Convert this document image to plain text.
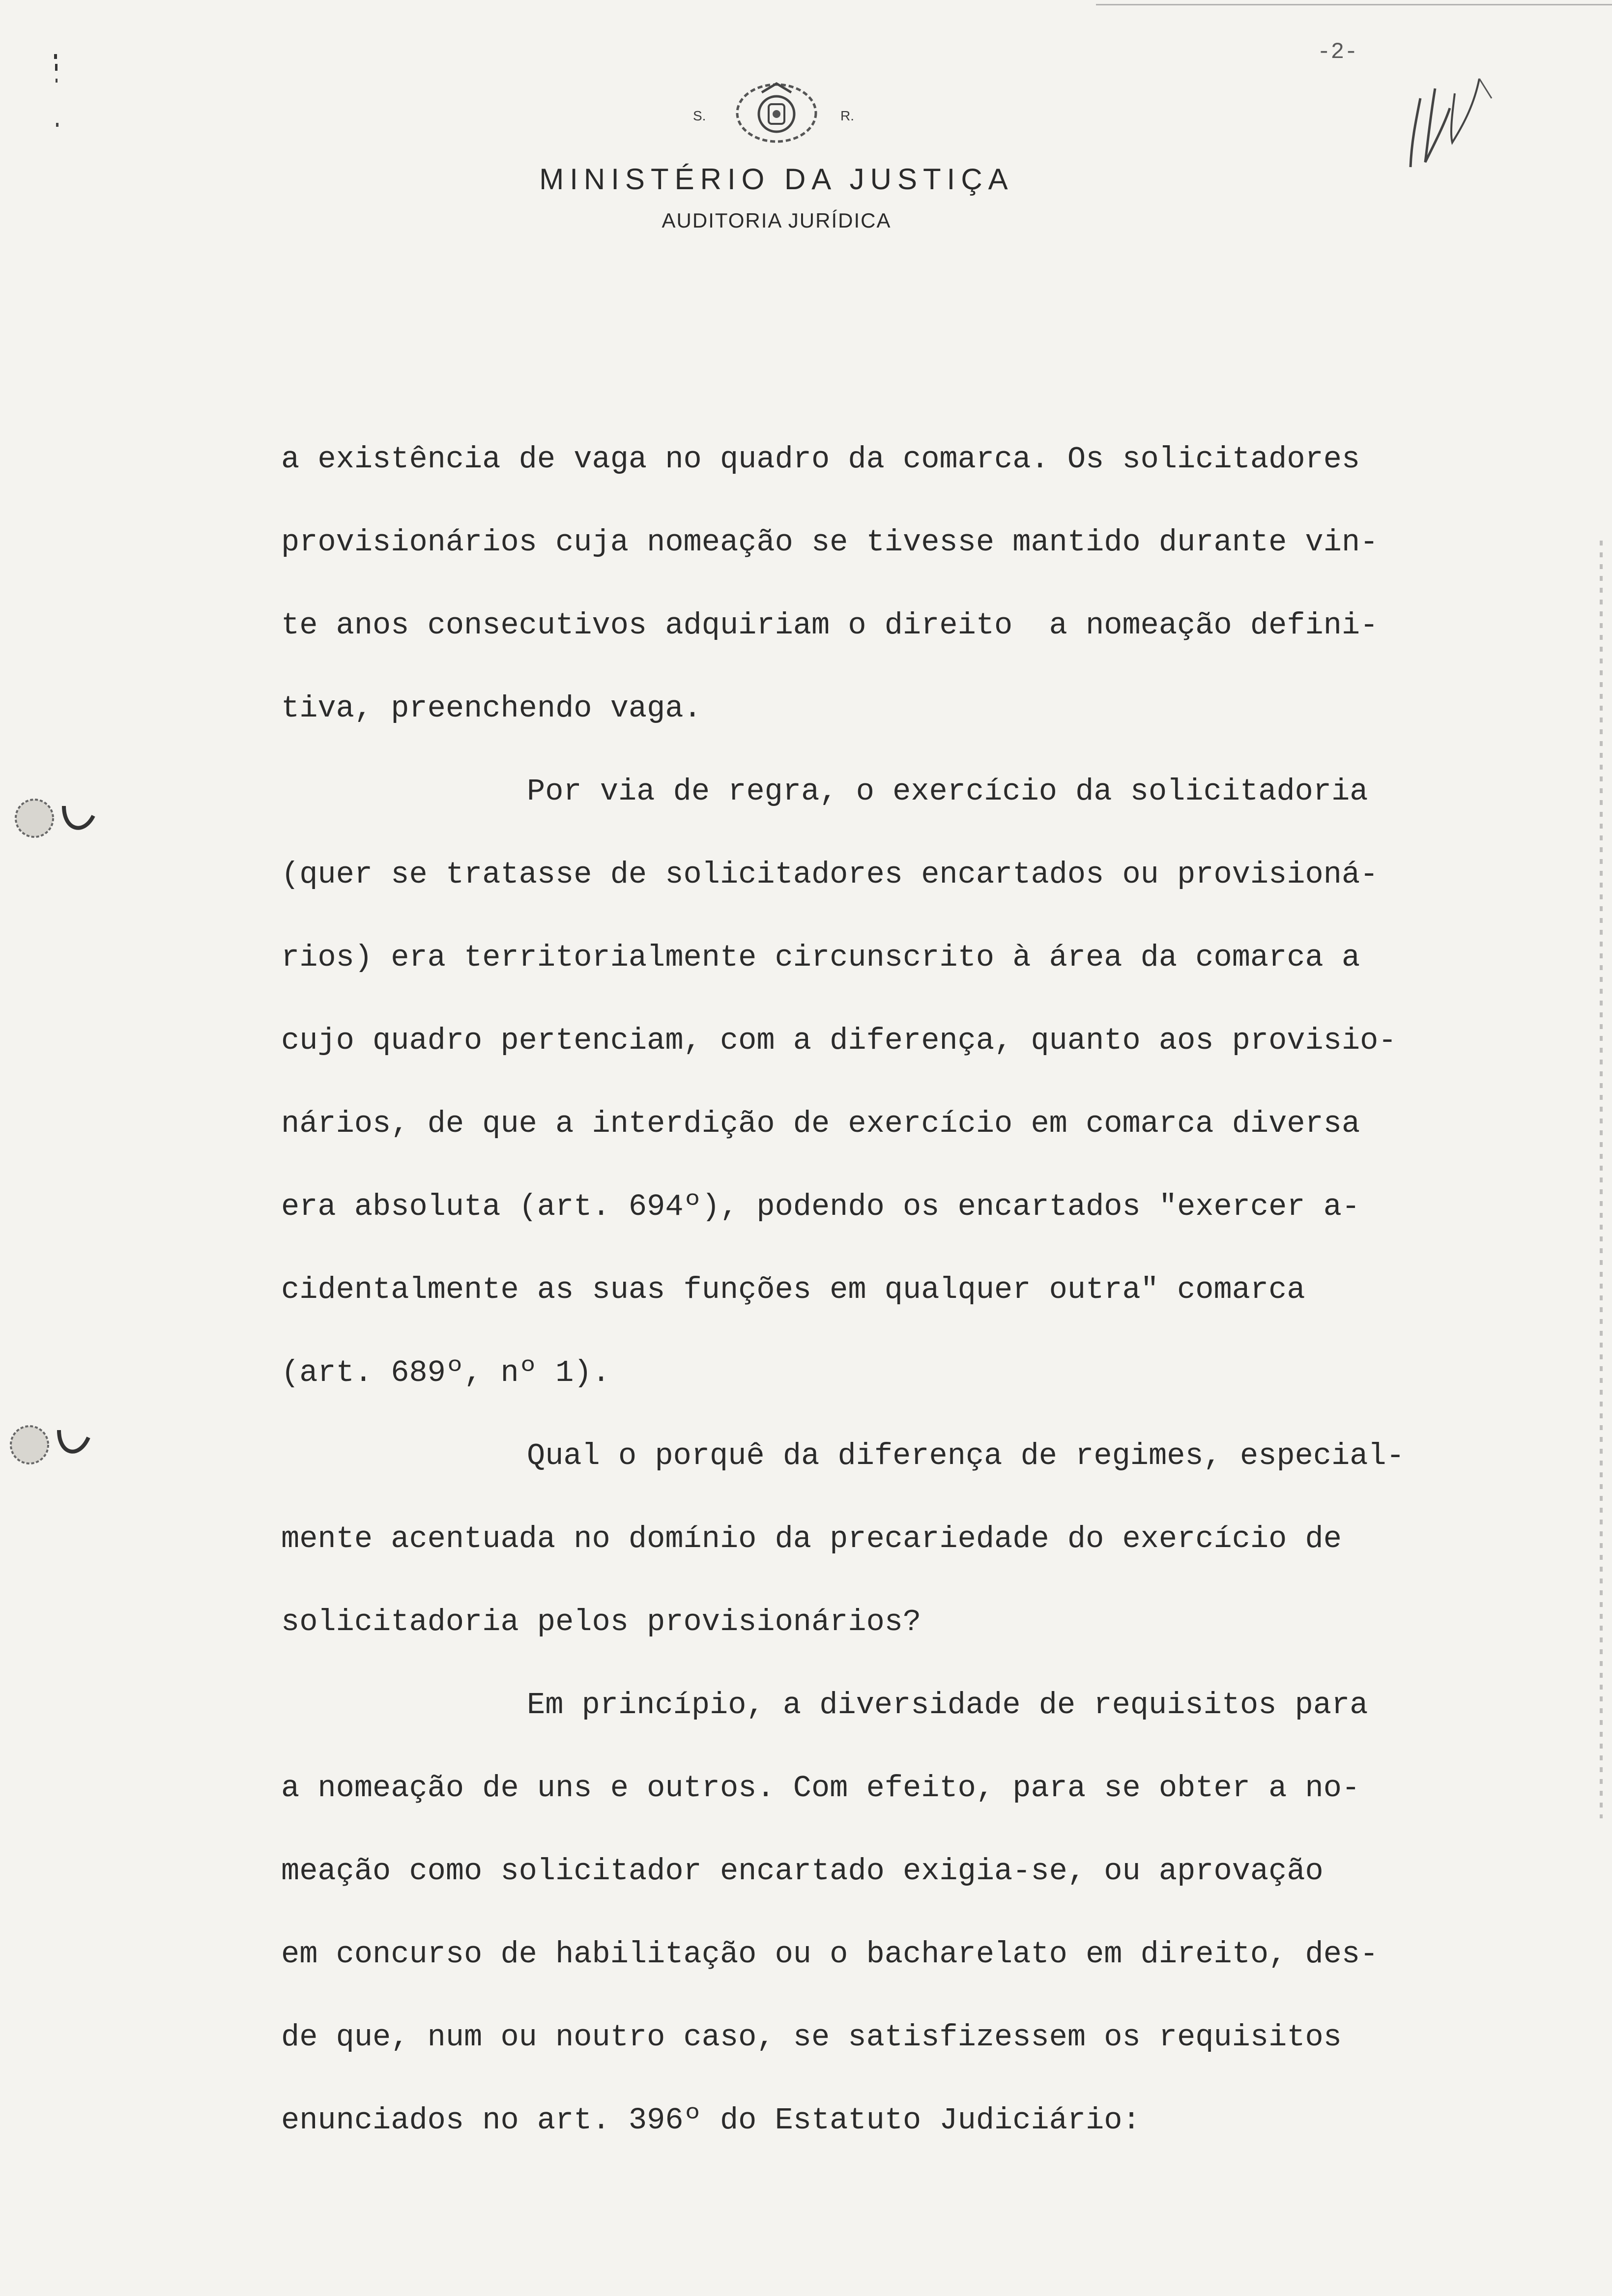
-2-
S.	R.
MINISTÉRIO DA JUSTIÇA
AUDITORIA JURÍDICA
a existência de vaga no quadro da comarca. Os solicitadores
provisionários cuja nomeação se tivesse mantido durante vin-
te anos consecutivos adquiriam o direito  a nomeação defini-
tiva, preenchendo vaga.
Por via de regra, o exercício da solicitadoria
(quer se tratasse de solicitadores encartados ou provisioná-
rios) era territorialmente circunscrito à área da comarca a
cujo quadro pertenciam, com a diferença, quanto aos provisio-
nários, de que a interdição de exercício em comarca diversa
era absoluta (art. 694º), podendo os encartados "exercer a-
cidentalmente as suas funções em qualquer outra" comarca
(art. 689º, nº 1).
Qual o porquê da diferença de regimes, especial-
mente acentuada no domínio da precariedade do exercício de
solicitadoria pelos provisionários?
Em princípio, a diversidade de requisitos para
a nomeação de uns e outros. Com efeito, para se obter a no-
meação como solicitador encartado exigia-se, ou aprovação
em concurso de habilitação ou o bacharelato em direito, des-
de que, num ou noutro caso, se satisfizessem os requisitos
enunciados no art. 396º do Estatuto Judiciário:
